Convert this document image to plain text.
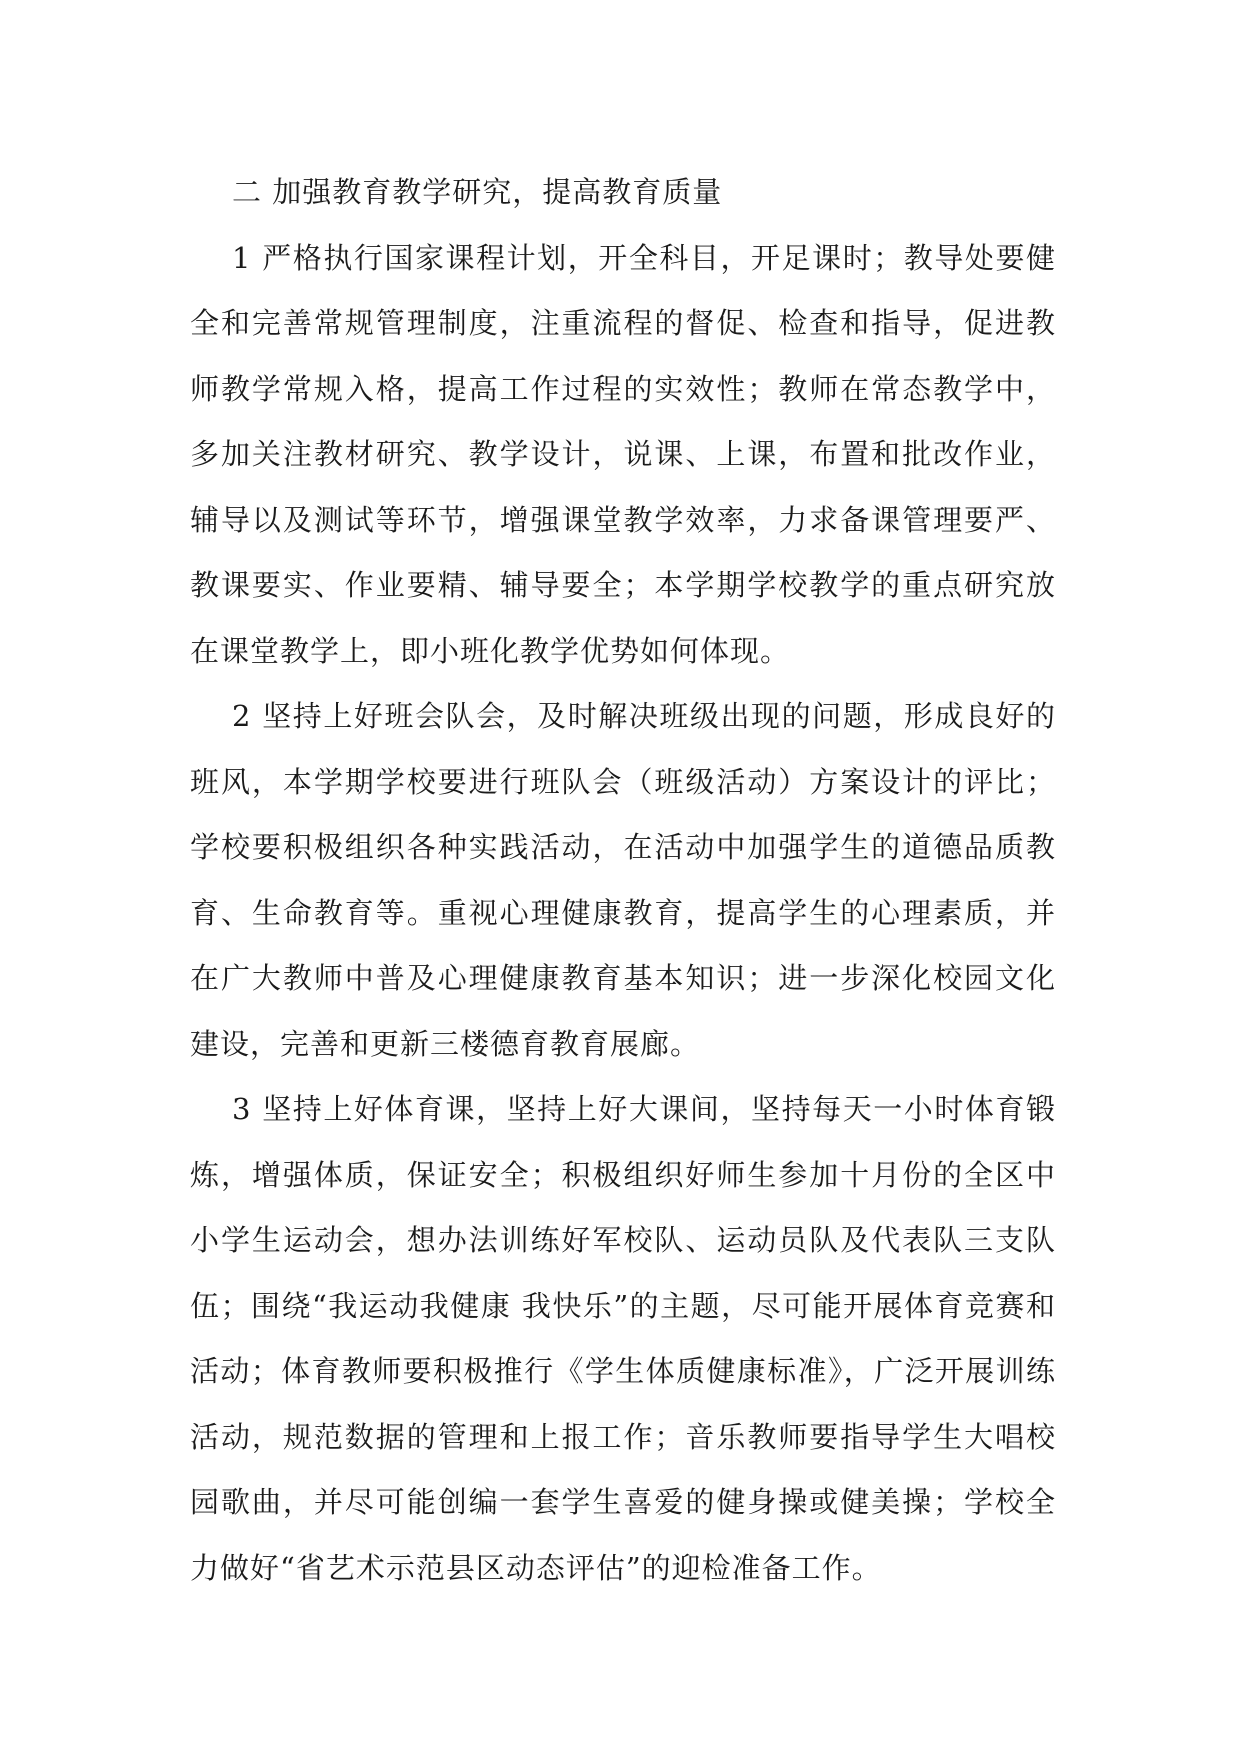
二 加强教育教学研究，提高教育质量

1 严格执行国家课程计划，开全科目，开足课时；教导处要健全和完善常规管理制度，注重流程的督促、检查和指导，促进教师教学常规入格，提高工作过程的实效性；教师在常态教学中，多加关注教材研究、教学设计，说课、上课，布置和批改作业，辅导以及测试等环节，增强课堂教学效率，力求备课管理要严、教课要实、作业要精、辅导要全；本学期学校教学的重点研究放在课堂教学上，即小班化教学优势如何体现。

2 坚持上好班会队会，及时解决班级出现的问题，形成良好的班风，本学期学校要进行班队会（班级活动）方案设计的评比；学校要积极组织各种实践活动，在活动中加强学生的道德品质教育、生命教育等。重视心理健康教育，提高学生的心理素质，并在广大教师中普及心理健康教育基本知识；进一步深化校园文化建设，完善和更新三楼德育教育展廊。

3 坚持上好体育课，坚持上好大课间，坚持每天一小时体育锻炼，增强体质，保证安全；积极组织好师生参加十月份的全区中小学生运动会，想办法训练好军校队、运动员队及代表队三支队伍；围绕“我运动我健康 我快乐”的主题，尽可能开展体育竞赛和活动；体育教师要积极推行《学生体质健康标准》，广泛开展训练活动，规范数据的管理和上报工作；音乐教师要指导学生大唱校园歌曲，并尽可能创编一套学生喜爱的健身操或健美操；学校全力做好“省艺术示范县区动态评估”的迎检准备工作。
